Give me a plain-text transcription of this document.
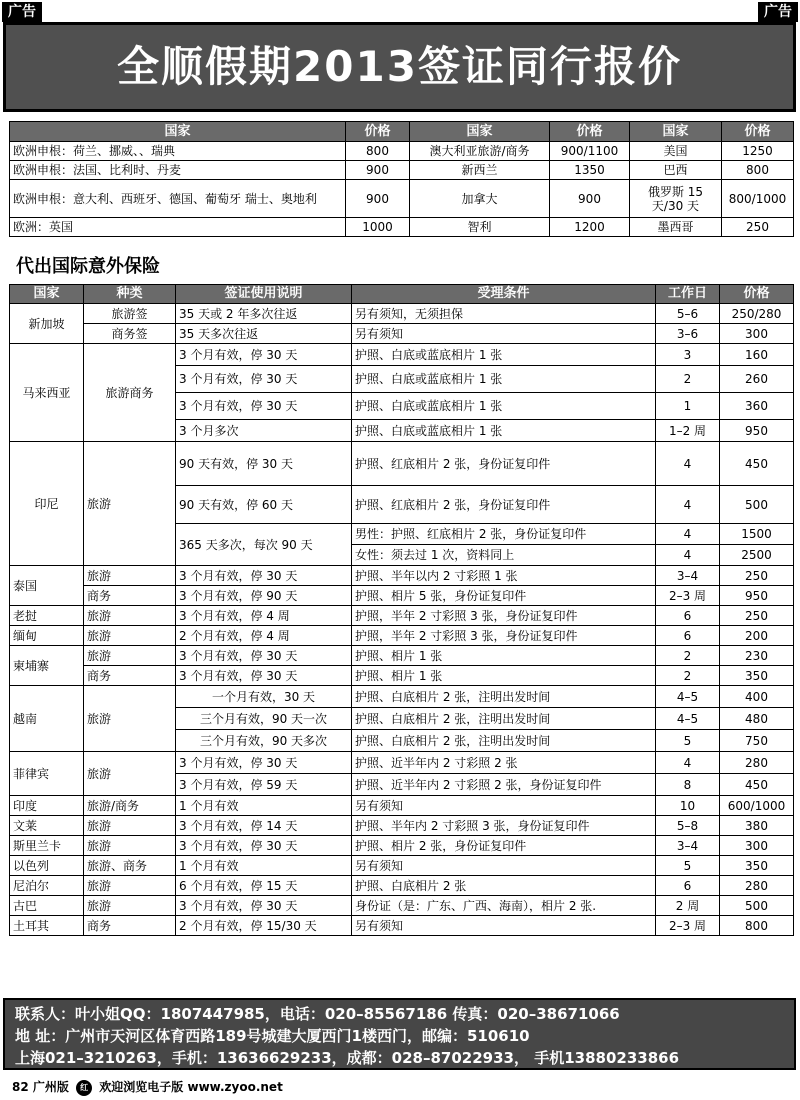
广告	广告
全顺假期2013签证同行报价
国家	价格	国家	价格	国家	价格
欧洲申根：荷兰、挪威、、瑞典	800	澳大利亚旅游/商务	900/1100	美国	1250
欧洲申根：法国、比利时、丹麦	900	新西兰	1350	巴西	800
欧洲申根：意大利、西班牙、德国、葡萄牙 瑞士、奥地利	900	加拿大	900	俄罗斯 15 天/30 天	800/1000
欧洲：英国	1000	智利	1200	墨西哥	250
代出国际意外保险
国家	种类	签证使用说明	受理条件	工作日	价格
新加坡	旅游签	35 天或 2 年多次往返	另有须知，无须担保	5–6	250/280
	商务签	35 天多次往返	另有须知	3–6	300
马来西亚	旅游商务	3 个月有效，停 30 天	护照、白底或蓝底相片 1 张	3	160
		3 个月有效，停 30 天	护照、白底或蓝底相片 1 张	2	260
		3 个月有效，停 30 天	护照、白底或蓝底相片 1 张	1	360
		3 个月多次	护照、白底或蓝底相片 1 张	1–2 周	950
印尼	旅游	90 天有效，停 30 天	护照、红底相片 2 张，身份证复印件	4	450
		90 天有效，停 60 天	护照、红底相片 2 张，身份证复印件	4	500
		365 天多次，每次 90 天	男性：护照、红底相片 2 张，身份证复印件	4	1500
			女性：须去过 1 次，资料同上	4	2500
泰国	旅游	3 个月有效，停 30 天	护照、半年以内 2 寸彩照 1 张	3–4	250
	商务	3 个月有效，停 90 天	护照、相片 5 张，身份证复印件	2–3 周	950
老挝	旅游	3 个月有效，停 4 周	护照，半年 2 寸彩照 3 张，身份证复印件	6	250
缅甸	旅游	2 个月有效，停 4 周	护照，半年 2 寸彩照 3 张，身份证复印件	6	200
柬埔寨	旅游	3 个月有效，停 30 天	护照、相片 1 张	2	230
	商务	3 个月有效，停 30 天	护照、相片 1 张	2	350
越南	旅游	一个月有效，30 天	护照、白底相片 2 张，注明出发时间	4–5	400
		三个月有效，90 天一次	护照、白底相片 2 张，注明出发时间	4–5	480
		三个月有效，90 天多次	护照、白底相片 2 张，注明出发时间	5	750
菲律宾	旅游	3 个月有效，停 30 天	护照、近半年内 2 寸彩照 2 张	4	280
		3 个月有效，停 59 天	护照、近半年内 2 寸彩照 2 张，身份证复印件	8	450
印度	旅游/商务	1 个月有效	另有须知	10	600/1000
文莱	旅游	3 个月有效，停 14 天	护照、半年内 2 寸彩照 3 张，身份证复印件	5–8	380
斯里兰卡	旅游	3 个月有效，停 30 天	护照、相片 2 张，身份证复印件	3–4	300
以色列	旅游、商务	1 个月有效	另有须知	5	350
尼泊尔	旅游	6 个月有效，停 15 天	护照、白底相片 2 张	6	280
古巴	旅游	3 个月有效，停 30 天	身份证（是：广东、广西、海南），相片 2 张.	2 周	500
土耳其	商务	2 个月有效，停 15/30 天	另有须知	2–3 周	800
联系人：叶小姐QQ：1807447985，电话：020–85567186 传真：020–38671066
地 址：广州市天河区体育西路189号城建大厦西门1楼西门，邮编：510610
上海021–3210263，手机：13636629233，成都：028–87022933， 手机13880233866
82 广州版 红 欢迎浏览电子版 www.zyoo.net
